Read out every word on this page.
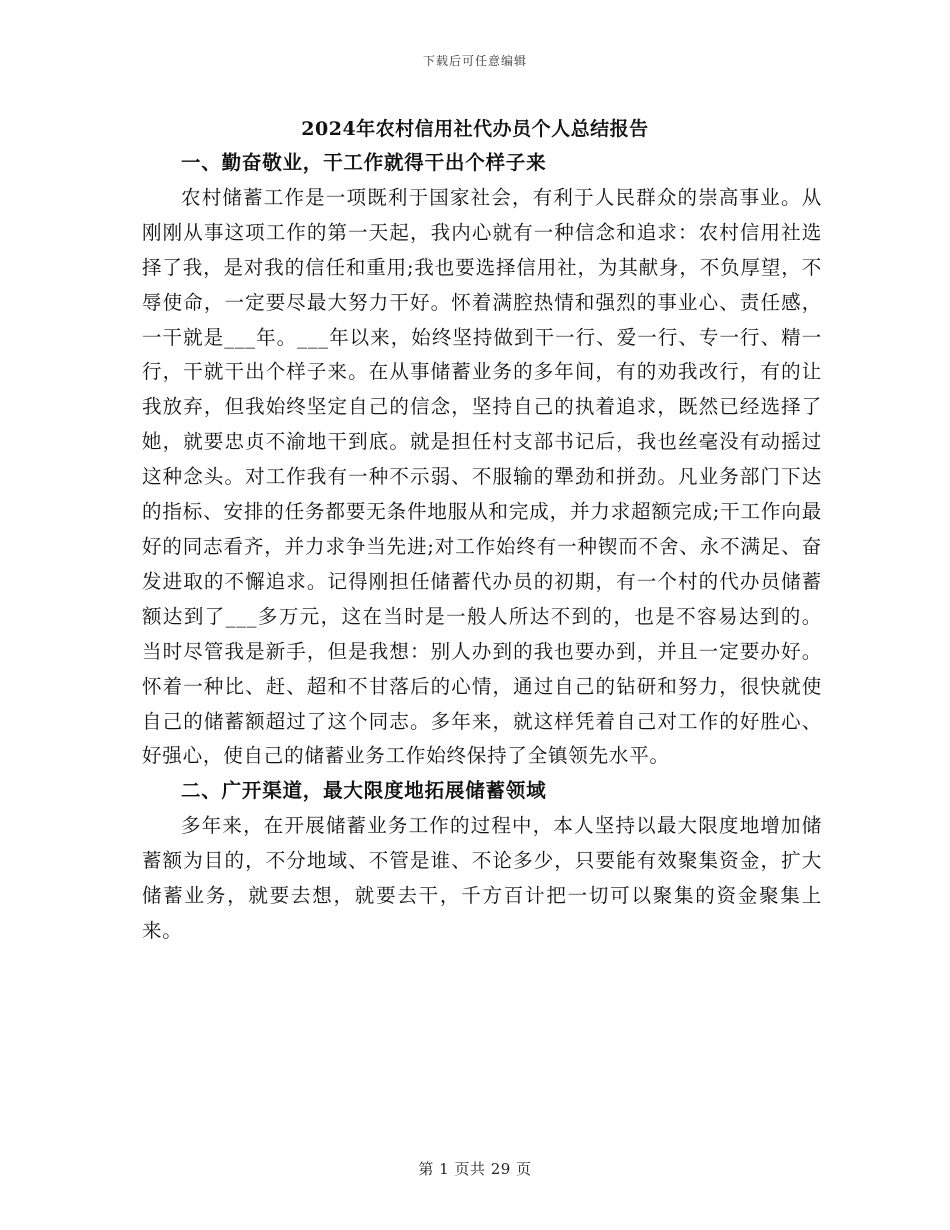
下载后可任意编辑
2024年农村信用社代办员个人总结报告

一、勤奋敬业，干工作就得干出个样子来

农村储蓄工作是一项既利于国家社会，有利于人民群众的崇高事业。从刚刚从事这项工作的第一天起，我内心就有一种信念和追求：农村信用社选择了我，是对我的信任和重用;我也要选择信用社，为其献身，不负厚望，不辱使命，一定要尽最大努力干好。怀着满腔热情和强烈的事业心、责任感，一干就是___年。___年以来，始终坚持做到干一行、爱一行、专一行、精一行，干就干出个样子来。在从事储蓄业务的多年间，有的劝我改行，有的让我放弃，但我始终坚定自己的信念，坚持自己的执着追求，既然已经选择了她，就要忠贞不渝地干到底。就是担任村支部书记后，我也丝毫没有动摇过这种念头。对工作我有一种不示弱、不服输的犟劲和拼劲。凡业务部门下达的指标、安排的任务都要无条件地服从和完成，并力求超额完成;干工作向最好的同志看齐，并力求争当先进;对工作始终有一种锲而不舍、永不满足、奋发进取的不懈追求。记得刚担任储蓄代办员的初期，有一个村的代办员储蓄额达到了___多万元，这在当时是一般人所达不到的，也是不容易达到的。当时尽管我是新手，但是我想：别人办到的我也要办到，并且一定要办好。怀着一种比、赶、超和不甘落后的心情，通过自己的钻研和努力，很快就使自己的储蓄额超过了这个同志。多年来，就这样凭着自己对工作的好胜心、好强心，使自己的储蓄业务工作始终保持了全镇领先水平。

二、广开渠道，最大限度地拓展储蓄领域

多年来，在开展储蓄业务工作的过程中，本人坚持以最大限度地增加储蓄额为目的，不分地域、不管是谁、不论多少，只要能有效聚集资金，扩大储蓄业务，就要去想，就要去干，千方百计把一切可以聚集的资金聚集上来。

第 1 页共 29 页
